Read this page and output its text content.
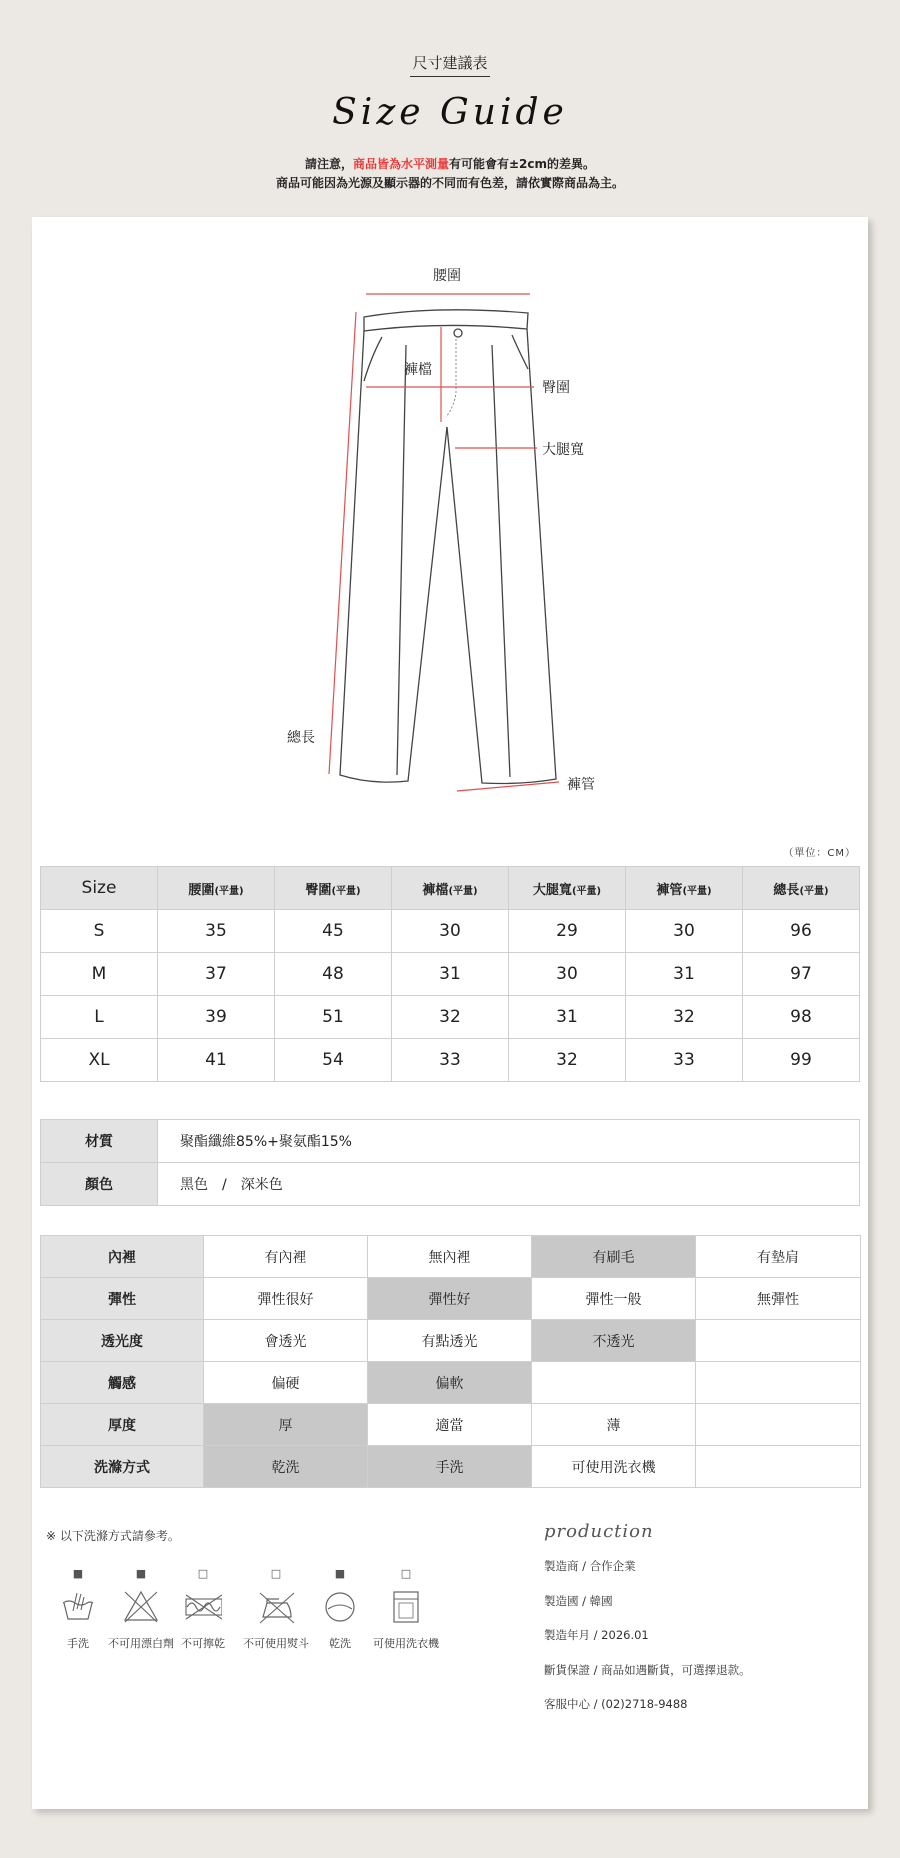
尺寸建議表
Size Guide
請注意，商品皆為水平測量有可能會有±2cm的差異。
商品可能因為光源及顯示器的不同而有色差，請依實際商品為主。
腰圍
褲檔
臀圍
大腿寬
總長
褲管
（單位：CM）
Size	腰圍(平量)	臀圍(平量)	褲檔(平量)	大腿寬(平量)	褲管(平量)	總長(平量)
S	35	45	30	29	30	96
M	37	48	31	30	31	97
L	39	51	32	31	32	98
XL	41	54	33	32	33	99
材質	聚酯纖維85%+聚氨酯15%
顏色	黑色　/　深米色
內裡	有內裡	無內裡	有刷毛	有墊肩
彈性	彈性很好	彈性好	彈性一般	無彈性
透光度	會透光	有點透光	不透光	
觸感	偏硬	偏軟		
厚度	厚	適當	薄	
洗滌方式	乾洗	手洗	可使用洗衣機	
※ 以下洗滌方式請參考。
■
手洗
■
不可用漂白劑
□
不可擰乾
□
不可使用熨斗
■
乾洗
□
可使用洗衣機
production
製造商 / 合作企業
製造國 / 韓國
製造年月 / 2026.01
斷貨保證 / 商品如遇斷貨，可選擇退款。
客服中心 / (02)2718-9488
